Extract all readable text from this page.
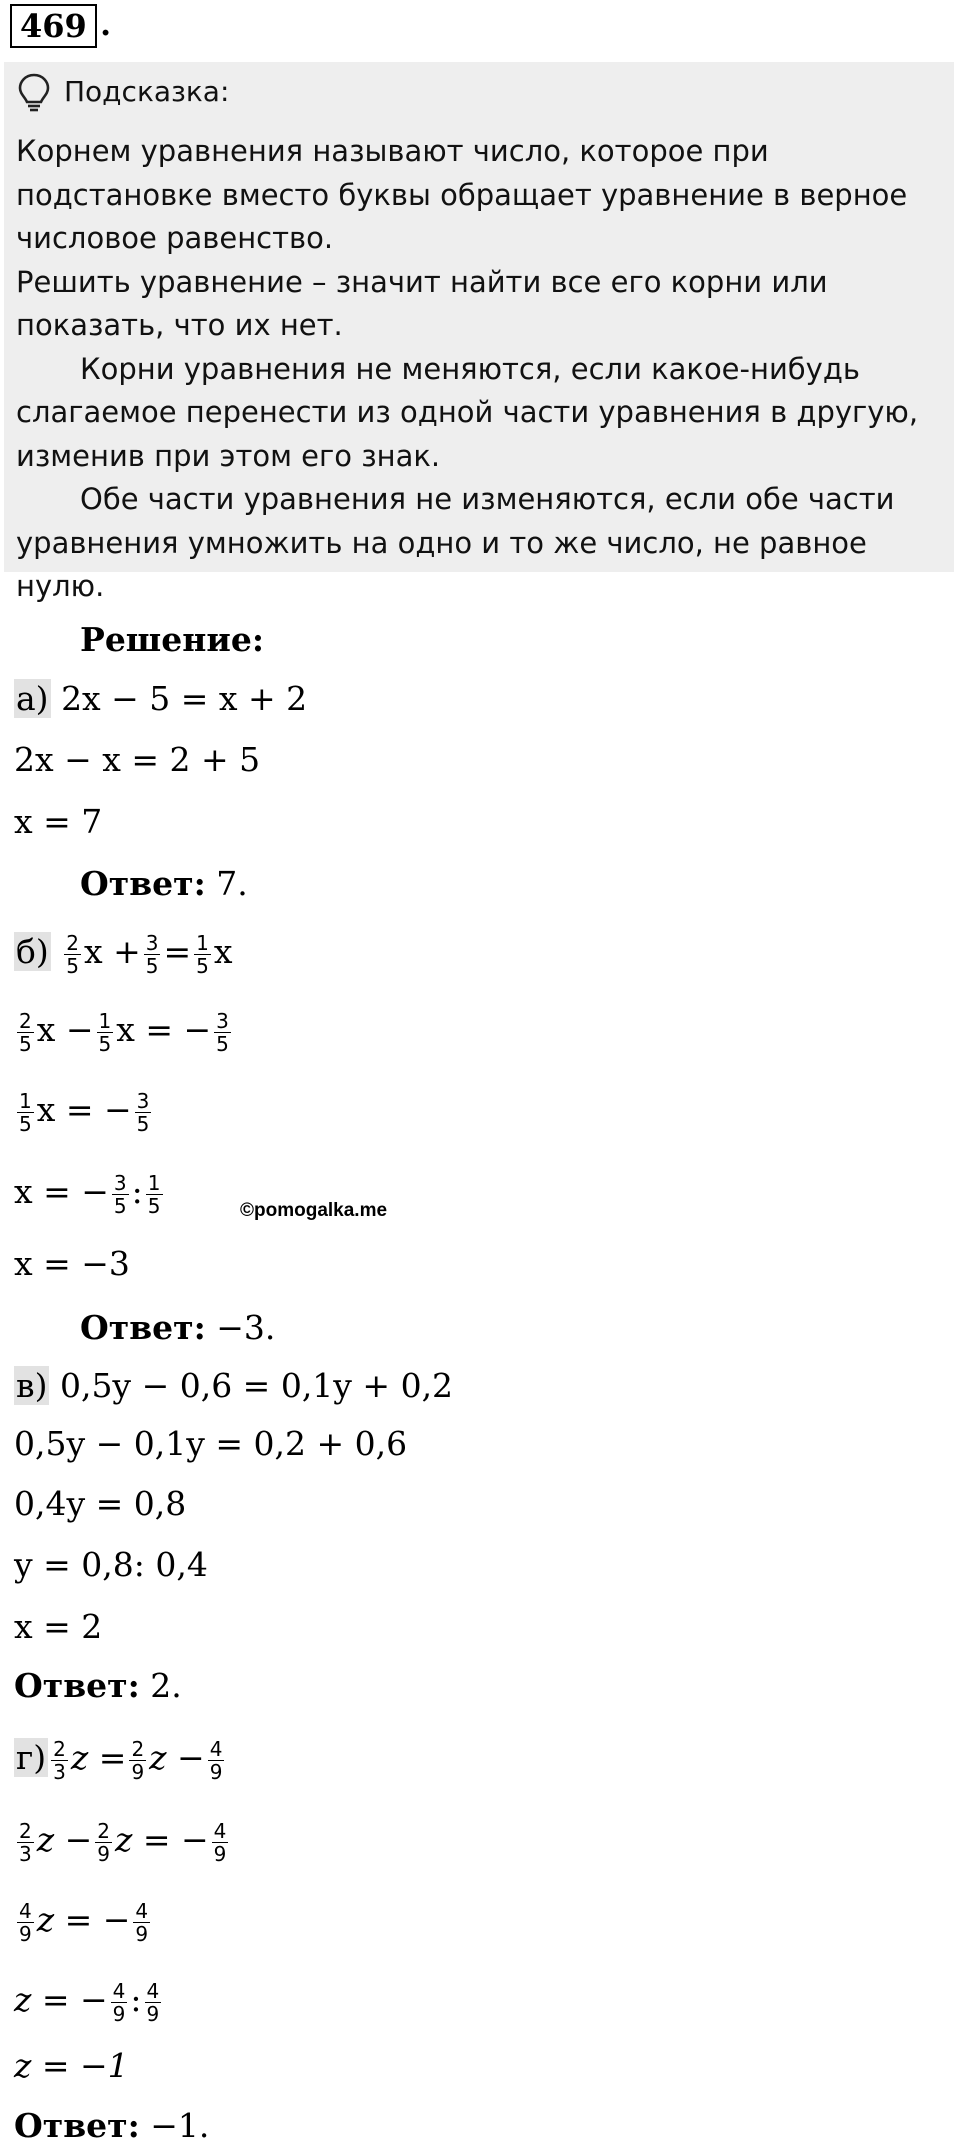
469 .
Подсказка:

Корнем уравнения называют число, которое при подстановке вместо буквы обращает уравнение в верное числовое равенство.

Решить уравнение – значит найти все его корни или показать, что их нет.

Корни уравнения не меняются, если какое-нибудь слагаемое перенести из одной части уравнения в другую, изменив при этом его знак.

Обе части уравнения не изменяются, если обе части уравнения умножить на одно и то же число, не равное нулю.

Решение:
а) 2x − 5 = x + 2
2x − x = 2 + 5
x = 7
Ответ: 7.
$б) \frac{2}{5}$ $x + \frac{3}{5} = \frac{1}{5}$ x
$\frac{2}{5}$ $x - \frac{1}{5}$ x = − $\frac{3}{5}$
$\frac{1}{5}$ x = − $\frac{3}{5}$
x = − $\frac{3}{5}$ : $\frac{1}{5}$	©pomogalka.me
x = −3
Ответ: −3.
в) 0,5y − 0,6 = 0,1y + 0,2
0,5y − 0,1y = 0,2 + 0,6
0,4y = 0,8
y = 0,8: 0,4
x = 2
Ответ: 2.
$г) \frac{2}{3}$ $z = \frac{2}{9}$ $z - \frac{4}{9}$
$\frac{2}{3}$ $z - \frac{2}{9}$ z = − $\frac{4}{9}$
$\frac{4}{9}$ z = − $\frac{4}{9}$
z = − $\frac{4}{9}$ : $\frac{4}{9}$
z = −1
Ответ: −1.
